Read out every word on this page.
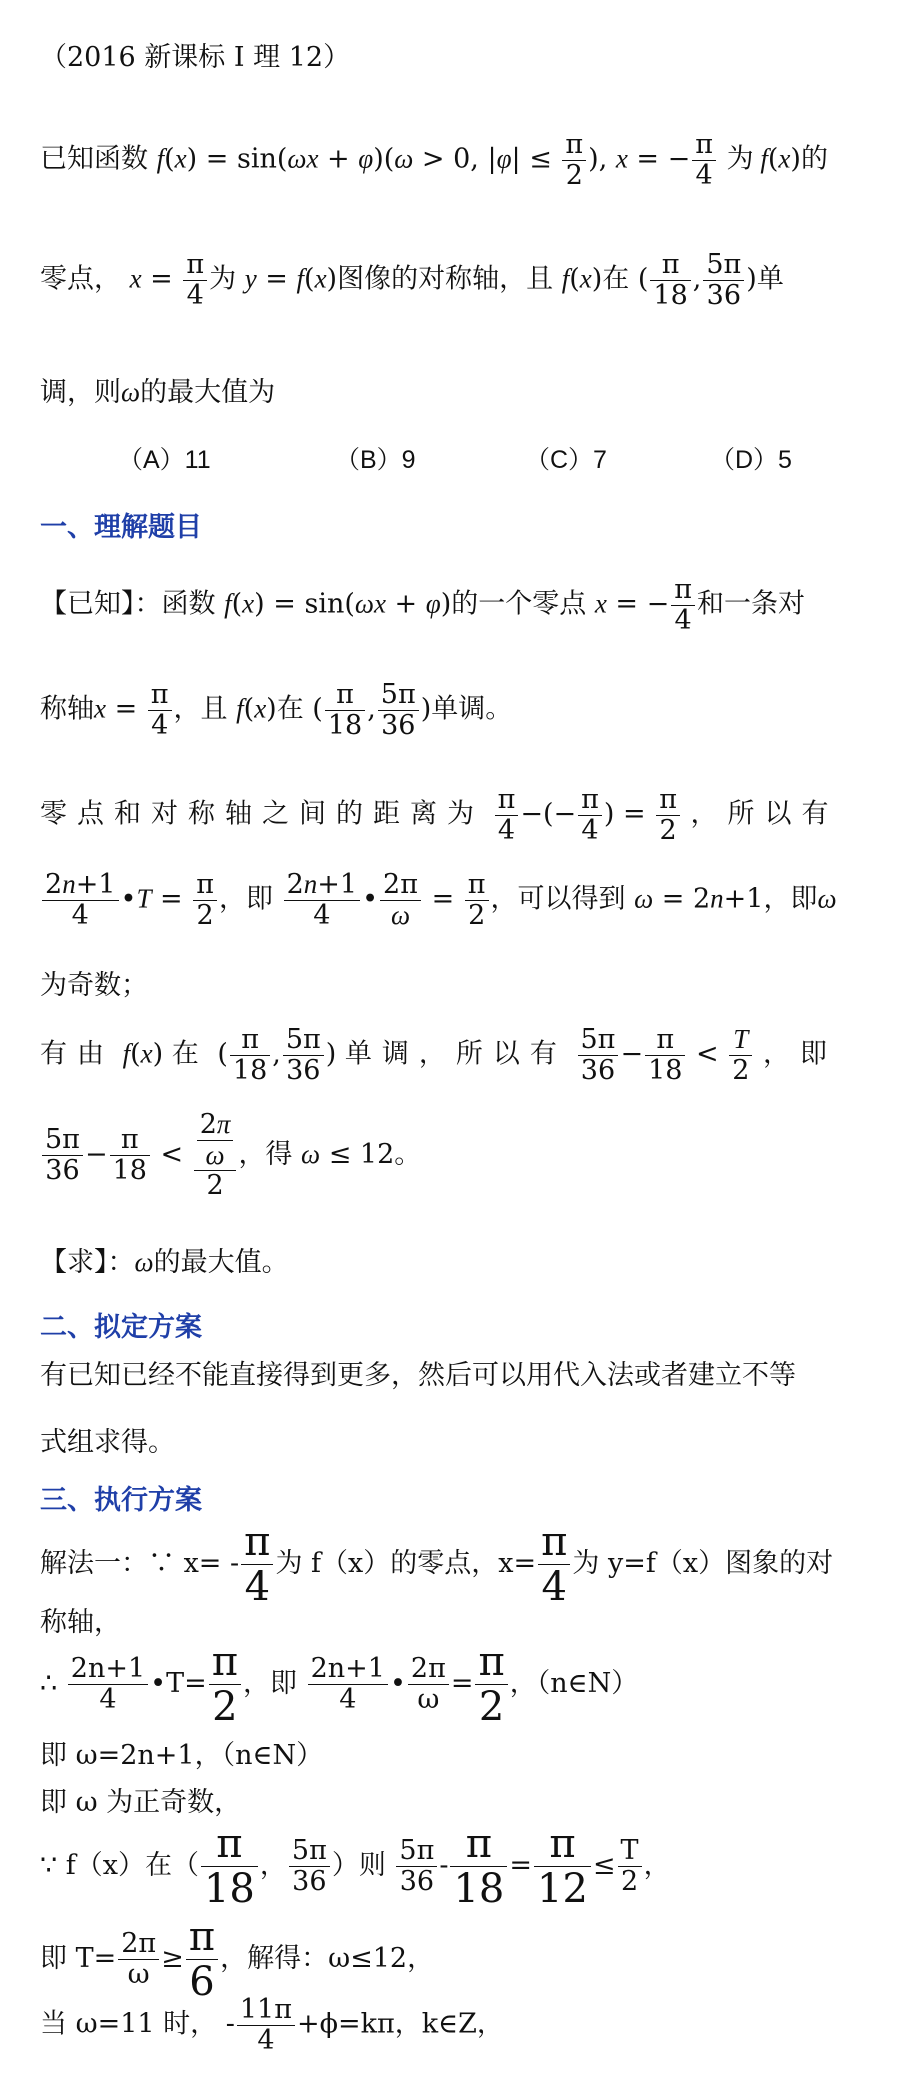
（2016 新课标 I 理 12）
已知函数 f(x) = sin(ωx + φ)(ω > 0, $|\varphi| \le \frac{\pi}{2}$ ), x = − $\frac{\pi}{4}$ 为 f(x)的
零点， $x = \frac{\pi}{4}$ 为 y = f(x)图像的对称轴，且 f(x)在 ( $\frac{\pi}{18}$ , $\frac{5\pi}{36}$ )单
调，则ω的最大值为
（A）11	（B）9	（C）7	（D）5
一、理解题目
【已知】：函数 f(x) = sin(ωx + φ)的一个零点 x = − $\frac{\pi}{4}$ 和一条对
称轴$x = \frac{\pi}{4}$ ，且 f(x)在 ( $\frac{\pi}{18}$ , $\frac{5\pi}{36}$ )单调。
零点和对称轴之间的距离为 $\frac{\pi}{4}$ −(− $\frac{\pi}{4}$ ) = $\frac{\pi}{2}$ ，所以有
$\frac{2n+1}{4}$ •T = $\frac{\pi}{2}$ ，即 $\frac{2n+1}{4}$ • $\frac{2\pi}{\omega} = \frac{\pi}{2}$ ，可以得到 ω = 2n+1，即ω
为奇数；
有由 f(x) 在 ( $\frac{\pi}{18}$ , $\frac{5\pi}{36}$ ) 单调，所以有 $\frac{5\pi}{36} - \frac{\pi}{18} < \frac{T}{2}$ ，即
$\frac{5\pi}{36} - \frac{\pi}{18} < \frac{\frac{2\pi}{\omega}}{2}$ ，得 ω ≤ 12。
【求】：ω的最大值。
二、拟定方案
有已知已经不能直接得到更多，然后可以用代入法或者建立不等
式组求得。
三、执行方案
解法一：∵ $x= - \frac{\pi}{4}$ 为 f（x）的零点，$x= \frac{\pi}{4}$ 为 y=f（x）图象的对
称轴，
∴ $\frac{2n+1}{4}$ •T= $\frac{\pi}{2}$ ，即 $\frac{2n+1}{4}$ • $\frac{2\pi}{\omega} = \frac{\pi}{2}$ ，（n∈N）
即 ω=2n+1，（n∈N）
即 ω 为正奇数，
∵ f（x）在（ $\frac{\pi}{18}$ ， $\frac{5\pi}{36}$ ）则 $\frac{5\pi}{36} - \frac{\pi}{18} = \frac{\pi}{12} \le \frac{T}{2}$ ，
即 $T= \frac{2\pi}{\omega} \ge \frac{\pi}{6}$ ，解得：ω≤12，
当 ω=11 时， - $\frac{11\pi}{4} +\phi=k\pi$，k∈Z，
